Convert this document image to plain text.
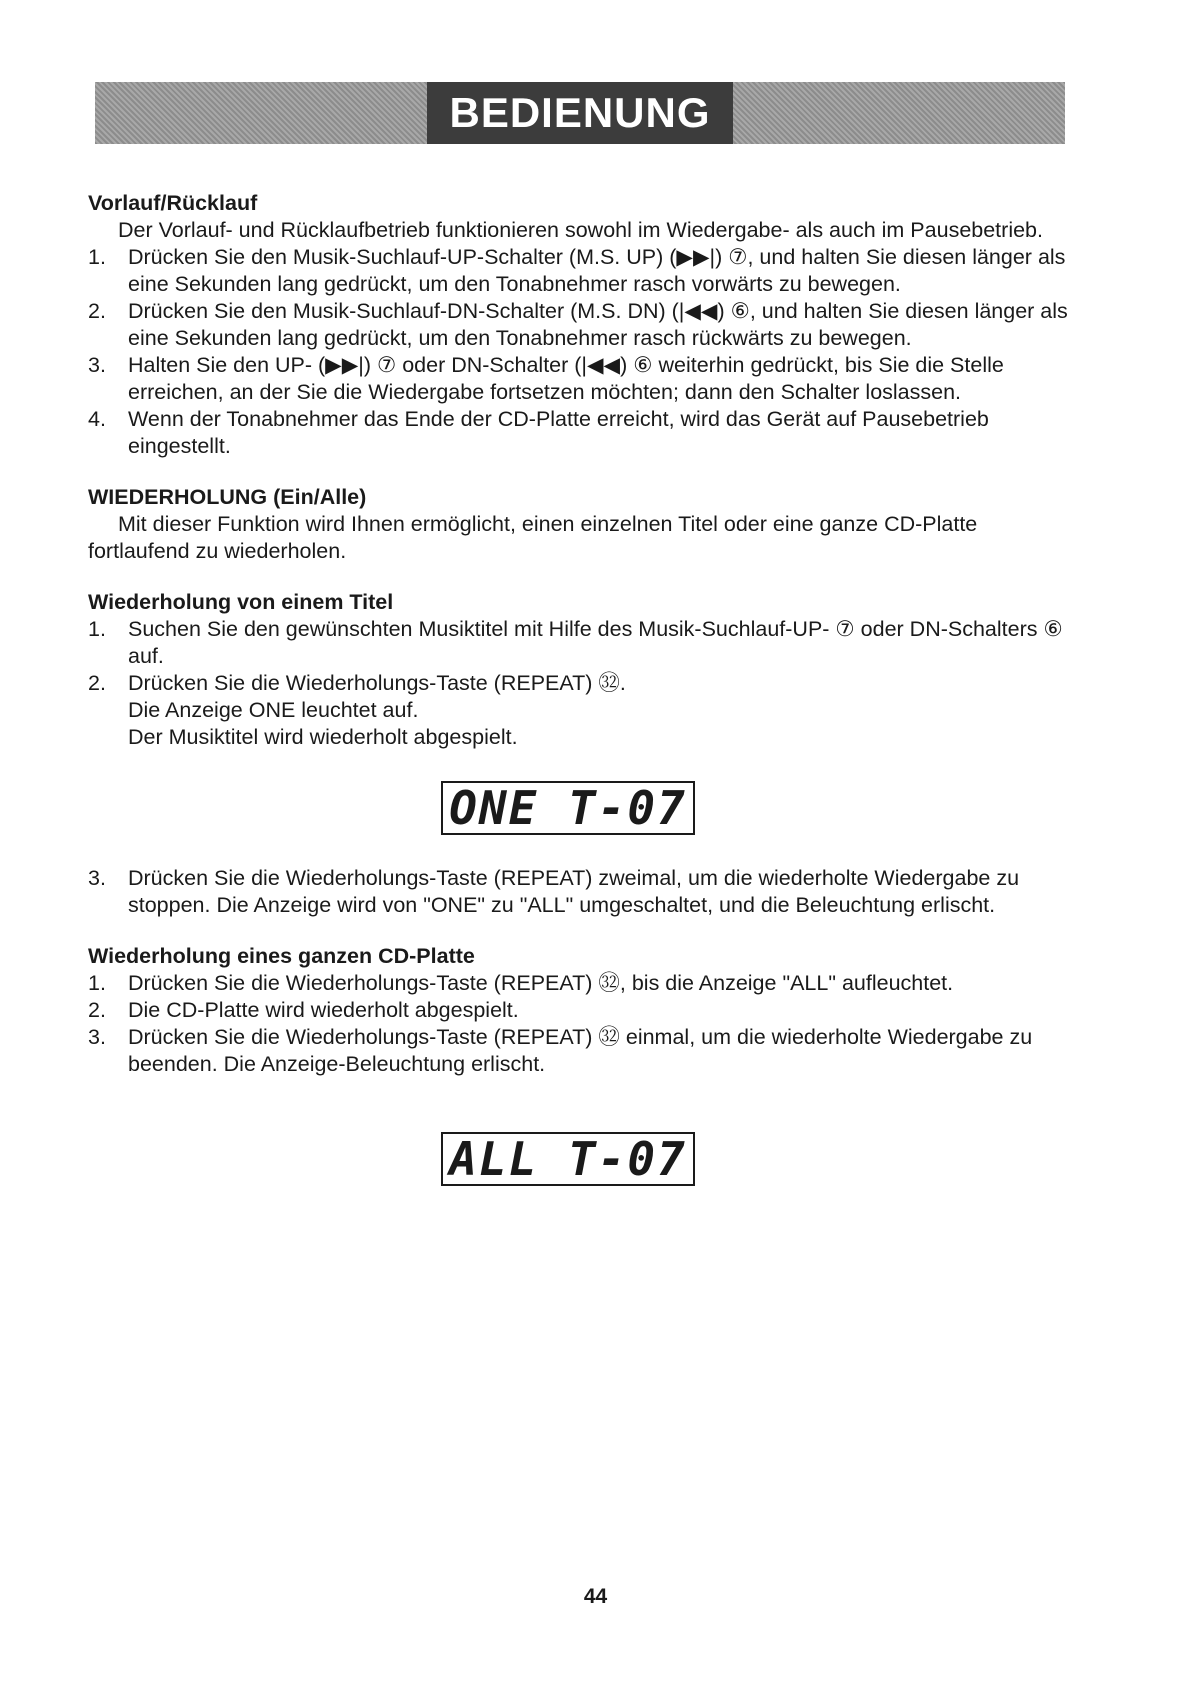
BEDIENUNG
Vorlauf/Rücklauf

Der Vorlauf- und Rücklaufbetrieb funktionieren sowohl im Wiedergabe- als auch im Pausebetrieb.

1. Drücken Sie den Musik-Suchlauf-UP-Schalter (M.S. UP) (▶▶|) ⑦, und halten Sie diesen länger als eine Sekunden lang gedrückt, um den Tonabnehmer rasch vorwärts zu bewegen.
2. Drücken Sie den Musik-Suchlauf-DN-Schalter (M.S. DN) (|◀◀) ⑥, und halten Sie diesen länger als eine Sekunden lang gedrückt, um den Tonabnehmer rasch rückwärts zu bewegen.
3. Halten Sie den UP- (▶▶|) ⑦ oder DN-Schalter (|◀◀) ⑥ weiterhin gedrückt, bis Sie die Stelle erreichen, an der Sie die Wiedergabe fortsetzen möchten; dann den Schalter loslassen.
4. Wenn der Tonabnehmer das Ende der CD-Platte erreicht, wird das Gerät auf Pausebetrieb eingestellt.
WIEDERHOLUNG (Ein/Alle)

Mit dieser Funktion wird Ihnen ermöglicht, einen einzelnen Titel oder eine ganze CD-Platte fortlaufend zu wiederholen.

Wiederholung von einem Titel
1. Suchen Sie den gewünschten Musiktitel mit Hilfe des Musik-Suchlauf-UP- ⑦ oder DN-Schalters ⑥ auf.
2. Drücken Sie die Wiederholungs-Taste (REPEAT) ㉜.
Die Anzeige ONE leuchtet auf.
Der Musiktitel wird wiederholt abgespielt.
ONE T-07
3. Drücken Sie die Wiederholungs-Taste (REPEAT) zweimal, um die wiederholte Wiedergabe zu stoppen. Die Anzeige wird von "ONE" zu "ALL" umgeschaltet, und die Beleuchtung erlischt.
Wiederholung eines ganzen CD-Platte
1. Drücken Sie die Wiederholungs-Taste (REPEAT) ㉜, bis die Anzeige "ALL" aufleuchtet.
2. Die CD-Platte wird wiederholt abgespielt.
3. Drücken Sie die Wiederholungs-Taste (REPEAT) ㉜ einmal, um die wiederholte Wiedergabe zu beenden. Die Anzeige-Beleuchtung erlischt.
ALL T-07
44
